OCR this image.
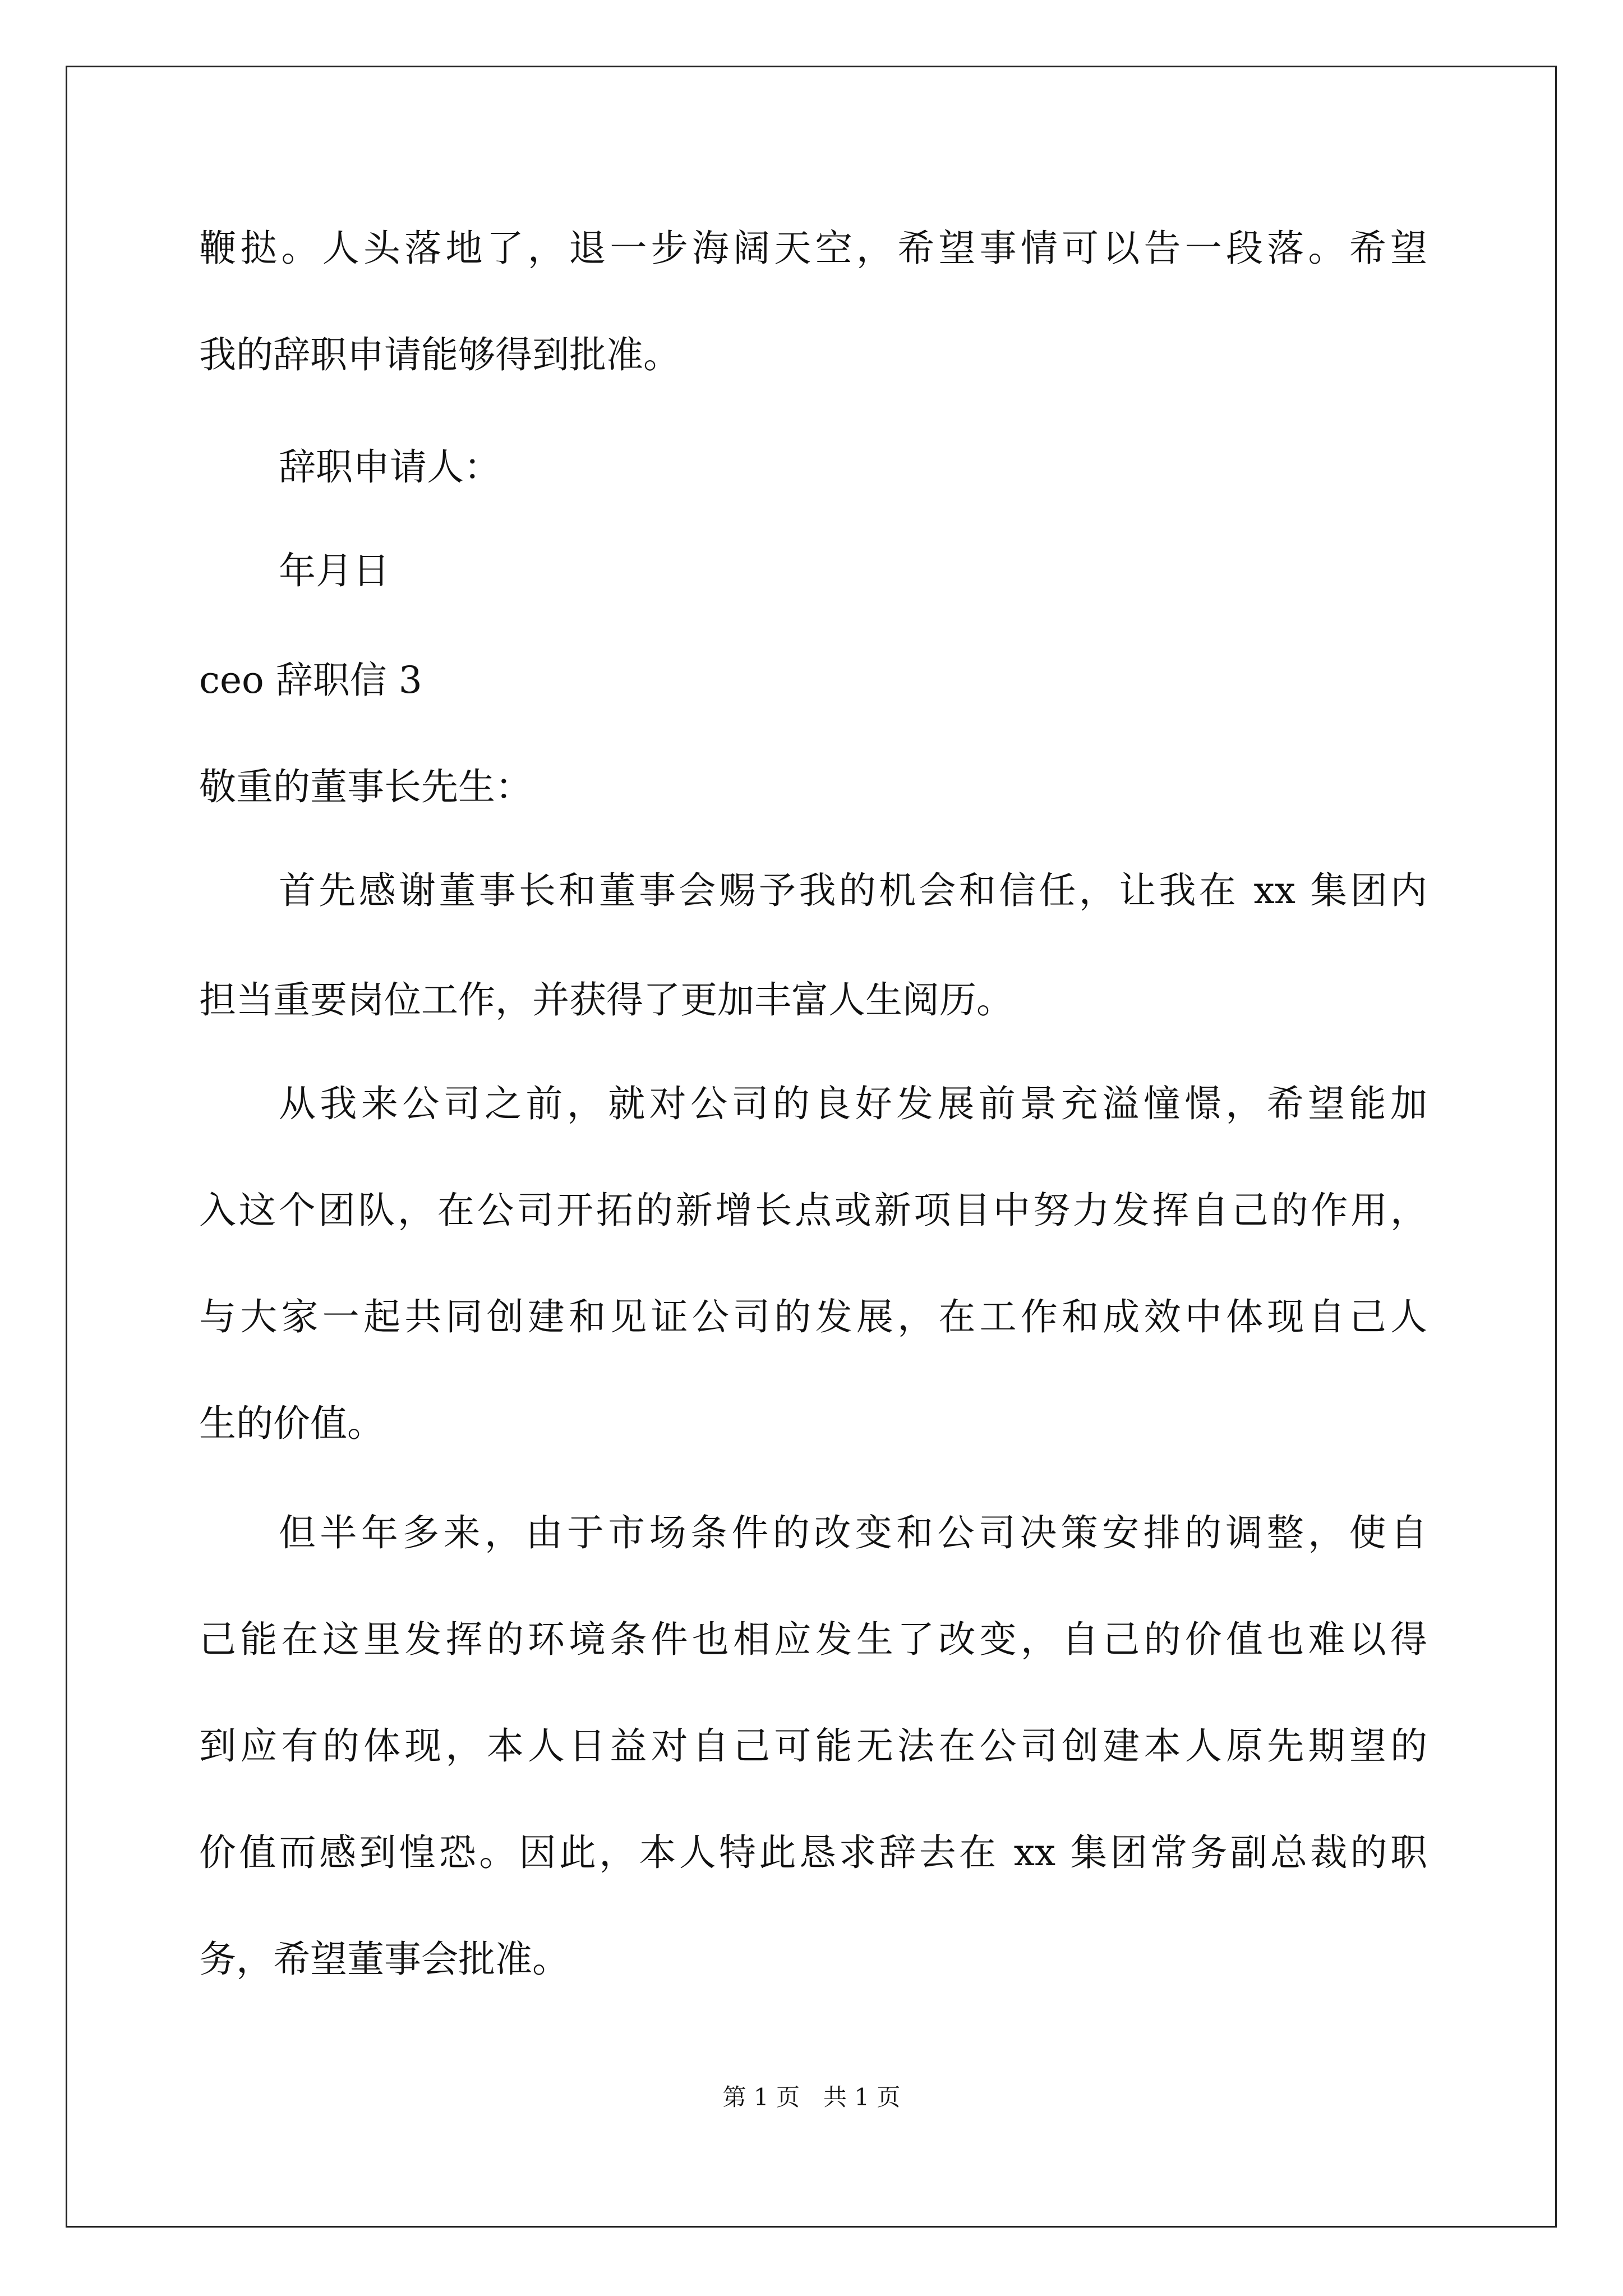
鞭挞。人头落地了，退一步海阔天空，希望事情可以告一段落。希望
我的辞职申请能够得到批准。
辞职申请人：
年月日
ceo 辞职信 3
敬重的董事长先生：
首先感谢董事长和董事会赐予我的机会和信任，让我在 xx 集团内
担当重要岗位工作，并获得了更加丰富人生阅历。
从我来公司之前，就对公司的良好发展前景充溢憧憬，希望能加
入这个团队，在公司开拓的新增长点或新项目中努力发挥自己的作用，
与大家一起共同创建和见证公司的发展，在工作和成效中体现自己人
生的价值。
但半年多来，由于市场条件的改变和公司决策安排的调整，使自
己能在这里发挥的环境条件也相应发生了改变，自己的价值也难以得
到应有的体现，本人日益对自己可能无法在公司创建本人原先期望的
价值而感到惶恐。因此，本人特此恳求辞去在 xx 集团常务副总裁的职
务，希望董事会批准。
第 1 页　共 1 页
